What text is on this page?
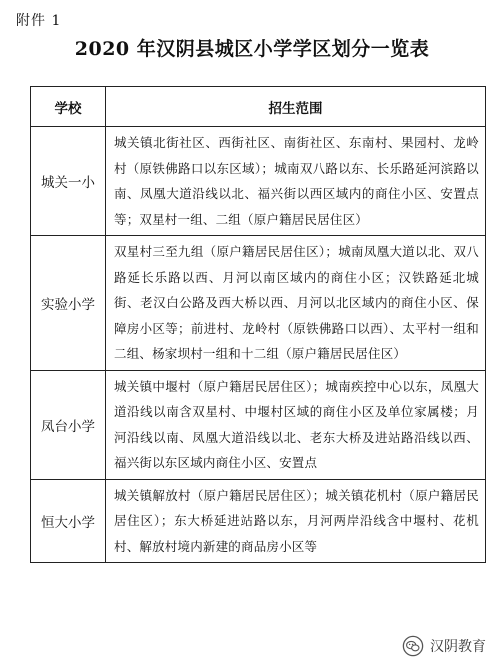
附件 1
2020 年汉阴县城区小学学区划分一览表
学校	招生范围
城关一小	城关镇北街社区、西街社区、南街社区、东南村、果园村、龙岭村（原铁佛路口以东区域）；城南双八路以东、长乐路延河滨路以南、凤凰大道沿线以北、福兴街以西区域内的商住小区、安置点等；双星村一组、二组（原户籍居民居住区）
实验小学	双星村三至九组（原户籍居民居住区）；城南凤凰大道以北、双八路延长乐路以西、月河以南区域内的商住小区；汉铁路延北城街、老汉白公路及西大桥以西、月河以北区域内的商住小区、保障房小区等；前进村、龙岭村（原铁佛路口以西）、太平村一组和二组、杨家坝村一组和十二组（原户籍居民居住区）
凤台小学	城关镇中堰村（原户籍居民居住区）；城南疾控中心以东，凤凰大道沿线以南含双星村、中堰村区域的商住小区及单位家属楼；月河沿线以南、凤凰大道沿线以北、老东大桥及进站路沿线以西、福兴街以东区域内商住小区、安置点
恒大小学	城关镇解放村（原户籍居民居住区）；城关镇花机村（原户籍居民居住区）；东大桥延进站路以东，月河两岸沿线含中堰村、花机村、解放村境内新建的商品房小区等
汉阴教育
